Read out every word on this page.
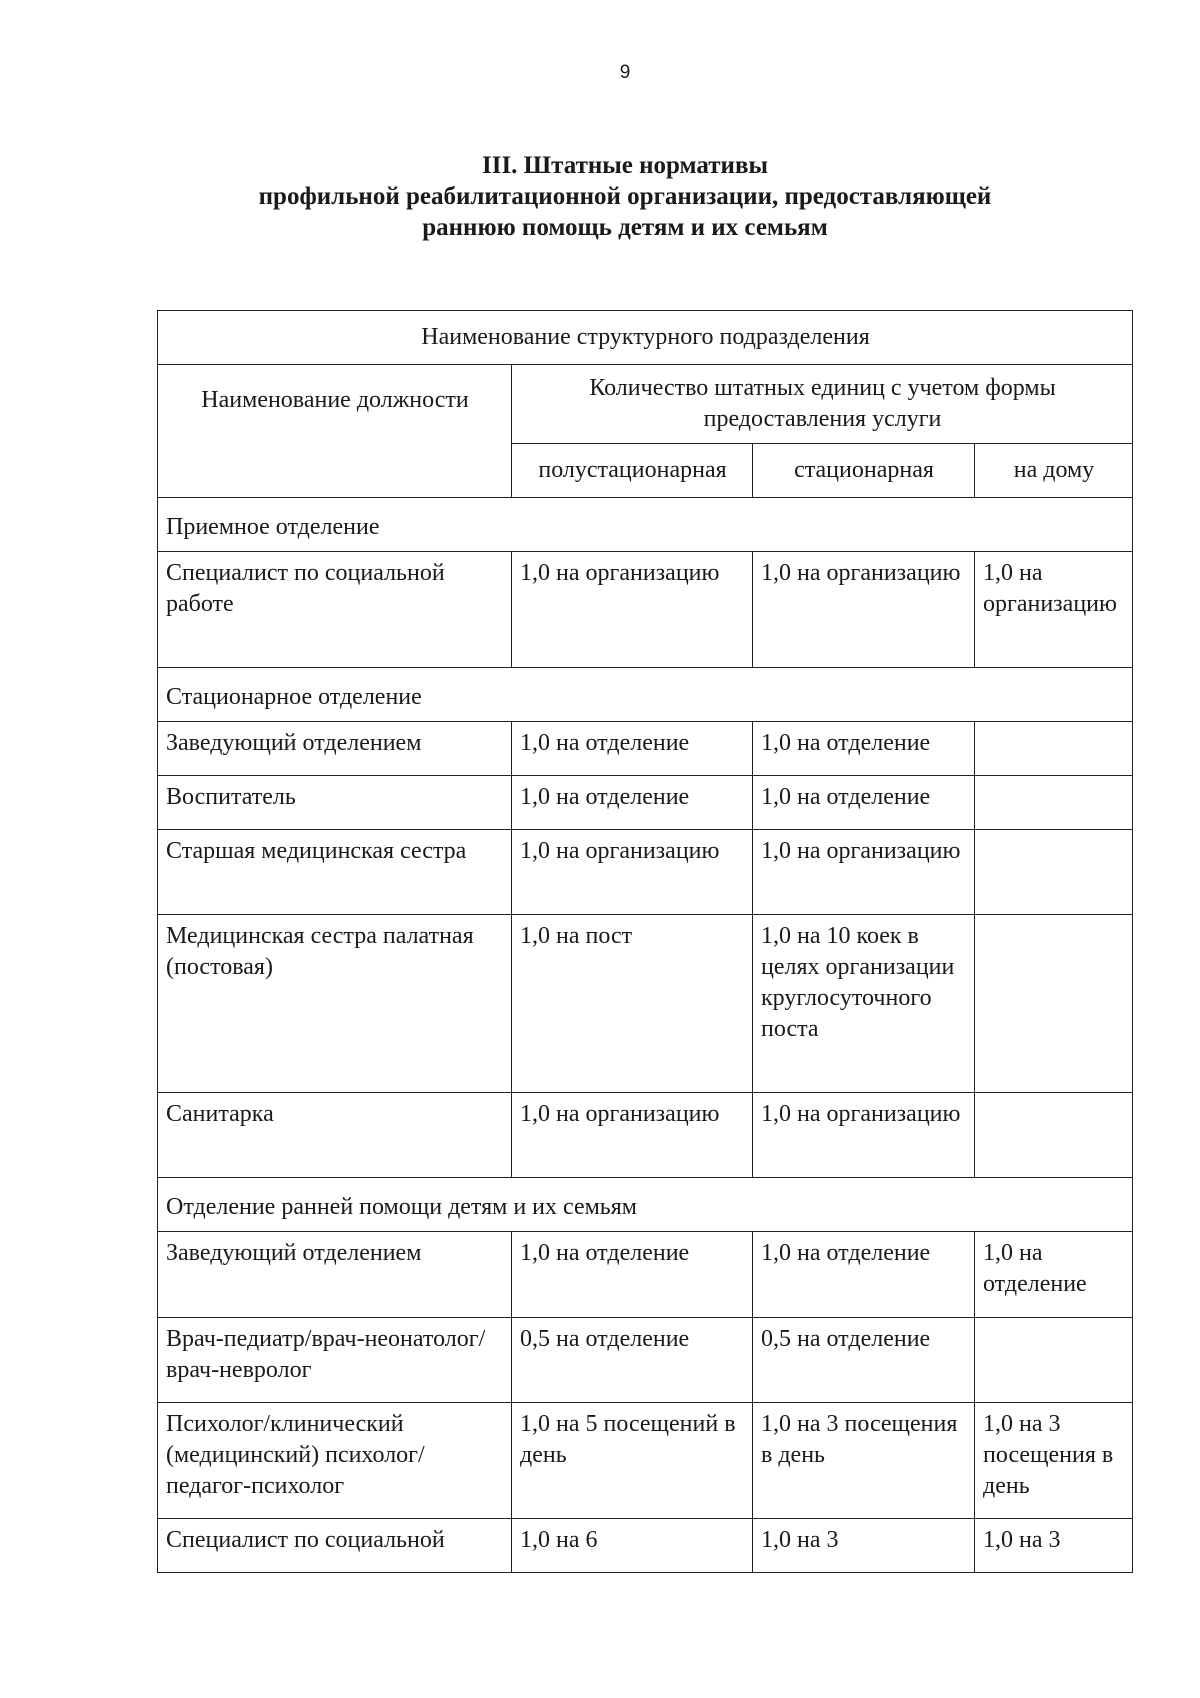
9
III. Штатные нормативы
профильной реабилитационной организации, предоставляющей
раннюю помощь детям и их семьям
Наименование структурного подразделения			
Наименование должности	Количество штатных единиц с учетом формы предоставления услуги		
	полустационарная	стационарная	на дому
Приемное отделение			
Специалист по социальной работе	1,0 на организацию	1,0 на организацию	1,0 на организацию
Стационарное отделение			
Заведующий отделением	1,0 на отделение	1,0 на отделение	
Воспитатель	1,0 на отделение	1,0 на отделение	
Старшая медицинская сестра	1,0 на организацию	1,0 на организацию	
Медицинская сестра палатная (постовая)	1,0 на пост	1,0 на 10 коек в целях организации круглосуточного поста	
Санитарка	1,0 на организацию	1,0 на организацию	
Отделение ранней помощи детям и их семьям			
Заведующий отделением	1,0 на отделение	1,0 на отделение	1,0 на отделение
Врач-педиатр/врач-неонатолог/врач-невролог	0,5 на отделение	0,5 на отделение	
Психолог/клинический (медицинский) психолог/педагог-психолог	1,0 на 5 посещений в день	1,0 на 3 посещения в день	1,0 на 3 посещения в день
Специалист по социальной	1,0 на 6	1,0 на 3	1,0 на 3
